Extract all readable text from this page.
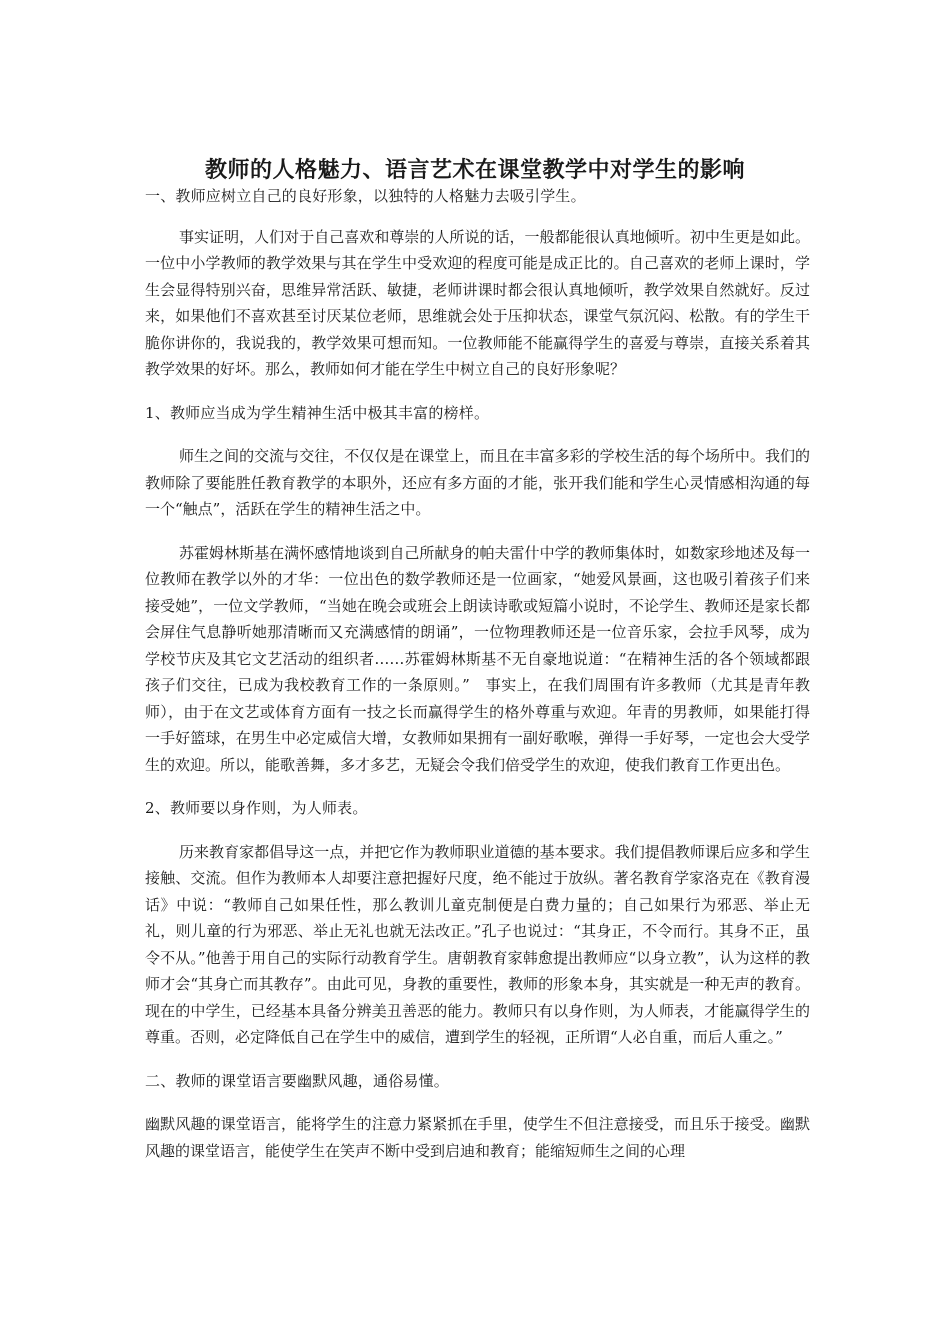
教师的人格魅力、语言艺术在课堂教学中对学生的影响

一、教师应树立自己的良好形象，以独特的人格魅力去吸引学生。

事实证明，人们对于自己喜欢和尊崇的人所说的话，一般都能很认真地倾听。初中生更是如此。一位中小学教师的教学效果与其在学生中受欢迎的程度可能是成正比的。自己喜欢的老师上课时，学生会显得特别兴奋，思维异常活跃、敏捷，老师讲课时都会很认真地倾听，教学效果自然就好。反过来，如果他们不喜欢甚至讨厌某位老师，思维就会处于压抑状态，课堂气氛沉闷、松散。有的学生干脆你讲你的，我说我的，教学效果可想而知。一位教师能不能赢得学生的喜爱与尊崇，直接关系着其教学效果的好坏。那么，教师如何才能在学生中树立自己的良好形象呢？

1、教师应当成为学生精神生活中极其丰富的榜样。

师生之间的交流与交往，不仅仅是在课堂上，而且在丰富多彩的学校生活的每个场所中。我们的教师除了要能胜任教育教学的本职外，还应有多方面的才能，张开我们能和学生心灵情感相沟通的每一个“触点”，活跃在学生的精神生活之中。

苏霍姆林斯基在满怀感情地谈到自己所献身的帕夫雷什中学的教师集体时，如数家珍地述及每一位教师在教学以外的才华：一位出色的数学教师还是一位画家，“她爱风景画，这也吸引着孩子们来接受她”，一位文学教师，“当她在晚会或班会上朗读诗歌或短篇小说时，不论学生、教师还是家长都会屏住气息静听她那清晰而又充满感情的朗诵”，一位物理教师还是一位音乐家，会拉手风琴，成为学校节庆及其它文艺活动的组织者……苏霍姆林斯基不无自豪地说道：“在精神生活的各个领域都跟孩子们交往，已成为我校教育工作的一条原则。”　事实上，在我们周围有许多教师（尤其是青年教师），由于在文艺或体育方面有一技之长而赢得学生的格外尊重与欢迎。年青的男教师，如果能打得一手好篮球，在男生中必定威信大增，女教师如果拥有一副好歌喉，弹得一手好琴，一定也会大受学生的欢迎。所以，能歌善舞，多才多艺，无疑会令我们倍受学生的欢迎，使我们教育工作更出色。

2、教师要以身作则，为人师表。

历来教育家都倡导这一点，并把它作为教师职业道德的基本要求。我们提倡教师课后应多和学生接触、交流。但作为教师本人却要注意把握好尺度，绝不能过于放纵。著名教育学家洛克在《教育漫话》中说：“教师自己如果任性，那么教训儿童克制便是白费力量的；自己如果行为邪恶、举止无礼，则儿童的行为邪恶、举止无礼也就无法改正。”孔子也说过：“其身正，不令而行。其身不正，虽令不从。”他善于用自己的实际行动教育学生。唐朝教育家韩愈提出教师应“以身立教”，认为这样的教师才会“其身亡而其教存”。由此可见，身教的重要性，教师的形象本身，其实就是一种无声的教育。现在的中学生，已经基本具备分辨美丑善恶的能力。教师只有以身作则，为人师表，才能赢得学生的尊重。否则，必定降低自己在学生中的威信，遭到学生的轻视，正所谓“人必自重，而后人重之。”

二、教师的课堂语言要幽默风趣，通俗易懂。

幽默风趣的课堂语言，能将学生的注意力紧紧抓在手里，使学生不但注意接受，而且乐于接受。幽默风趣的课堂语言，能使学生在笑声不断中受到启迪和教育；能缩短师生之间的心理
